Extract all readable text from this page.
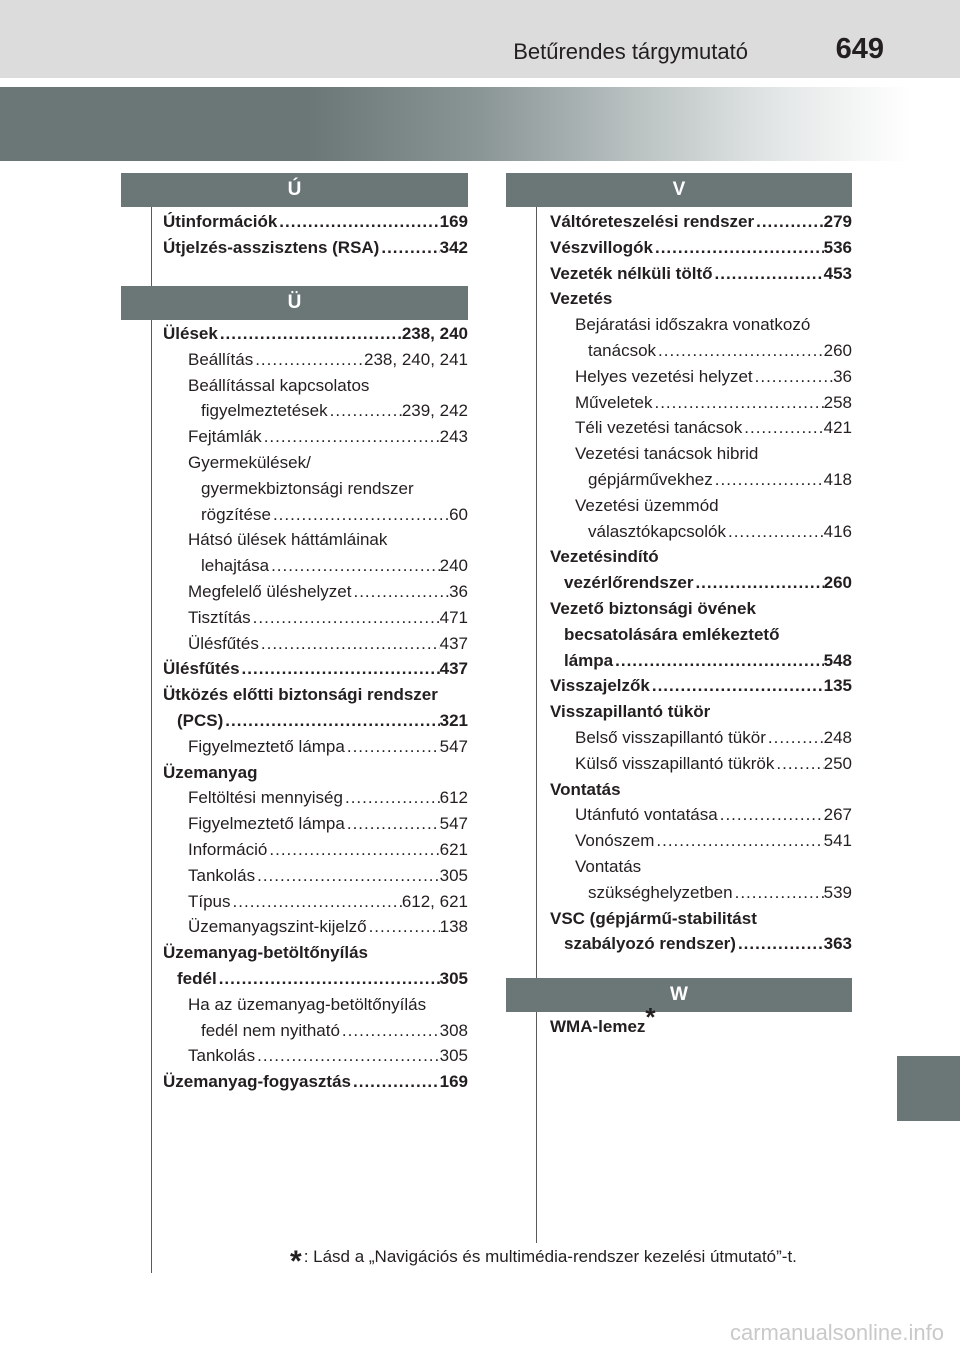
Betűrendes tárgymutató	649
Ú
Útinformációk .....	169
Útjelzés-asszisztens (RSA) .....	342
Ü
Ülések .....	238, 240
Beállítás .....	238, 240, 241
Beállítással kapcsolatos
figyelmeztetések .....	239, 242
Fejtámlák .....	243
Gyermekülések/
gyermekbiztonsági rendszer
rögzítése .....	60
Hátsó ülések háttámláinak
lehajtása .....	240
Megfelelő üléshelyzet .....	36
Tisztítás .....	471
Ülésfűtés .....	437
Ülésfűtés .....	437
Ütközés előtti biztonsági rendszer
(PCS) .....	321
Figyelmeztető lámpa .....	547
Üzemanyag
Feltöltési mennyiség .....	612
Figyelmeztető lámpa .....	547
Információ .....	621
Tankolás .....	305
Típus .....	612, 621
Üzemanyagszint-kijelző .....	138
Üzemanyag-betöltőnyílás
fedél .....	305
Ha az üzemanyag-betöltőnyílás
fedél nem nyitható .....	308
Tankolás .....	305
Üzemanyag-fogyasztás .....	169
V
Váltóreteszelési rendszer .....	279
Vészvillogók .....	536
Vezeték nélküli töltő .....	453
Vezetés
Bejáratási időszakra vonatkozó
tanácsok .....	260
Helyes vezetési helyzet .....	36
Műveletek .....	258
Téli vezetési tanácsok .....	421
Vezetési tanácsok hibrid
gépjárművekhez .....	418
Vezetési üzemmód
választókapcsolók .....	416
Vezetésindító
vezérlőrendszer .....	260
Vezető biztonsági övének
becsatolására emlékeztető
lámpa .....	548
Visszajelzők .....	135
Visszapillantó tükör
Belső visszapillantó tükör .....	248
Külső visszapillantó tükrök .....	250
Vontatás
Utánfutó vontatása .....	267
Vonószem .....	541
Vontatás
szükséghelyzetben .....	539
VSC (gépjármű-stabilitást
szabályozó rendszer) .....	363
W
WMA-lemez*
* : Lásd a „Navigációs és multimédia-rendszer kezelési útmutató”-t.
carmanualsonline.info
